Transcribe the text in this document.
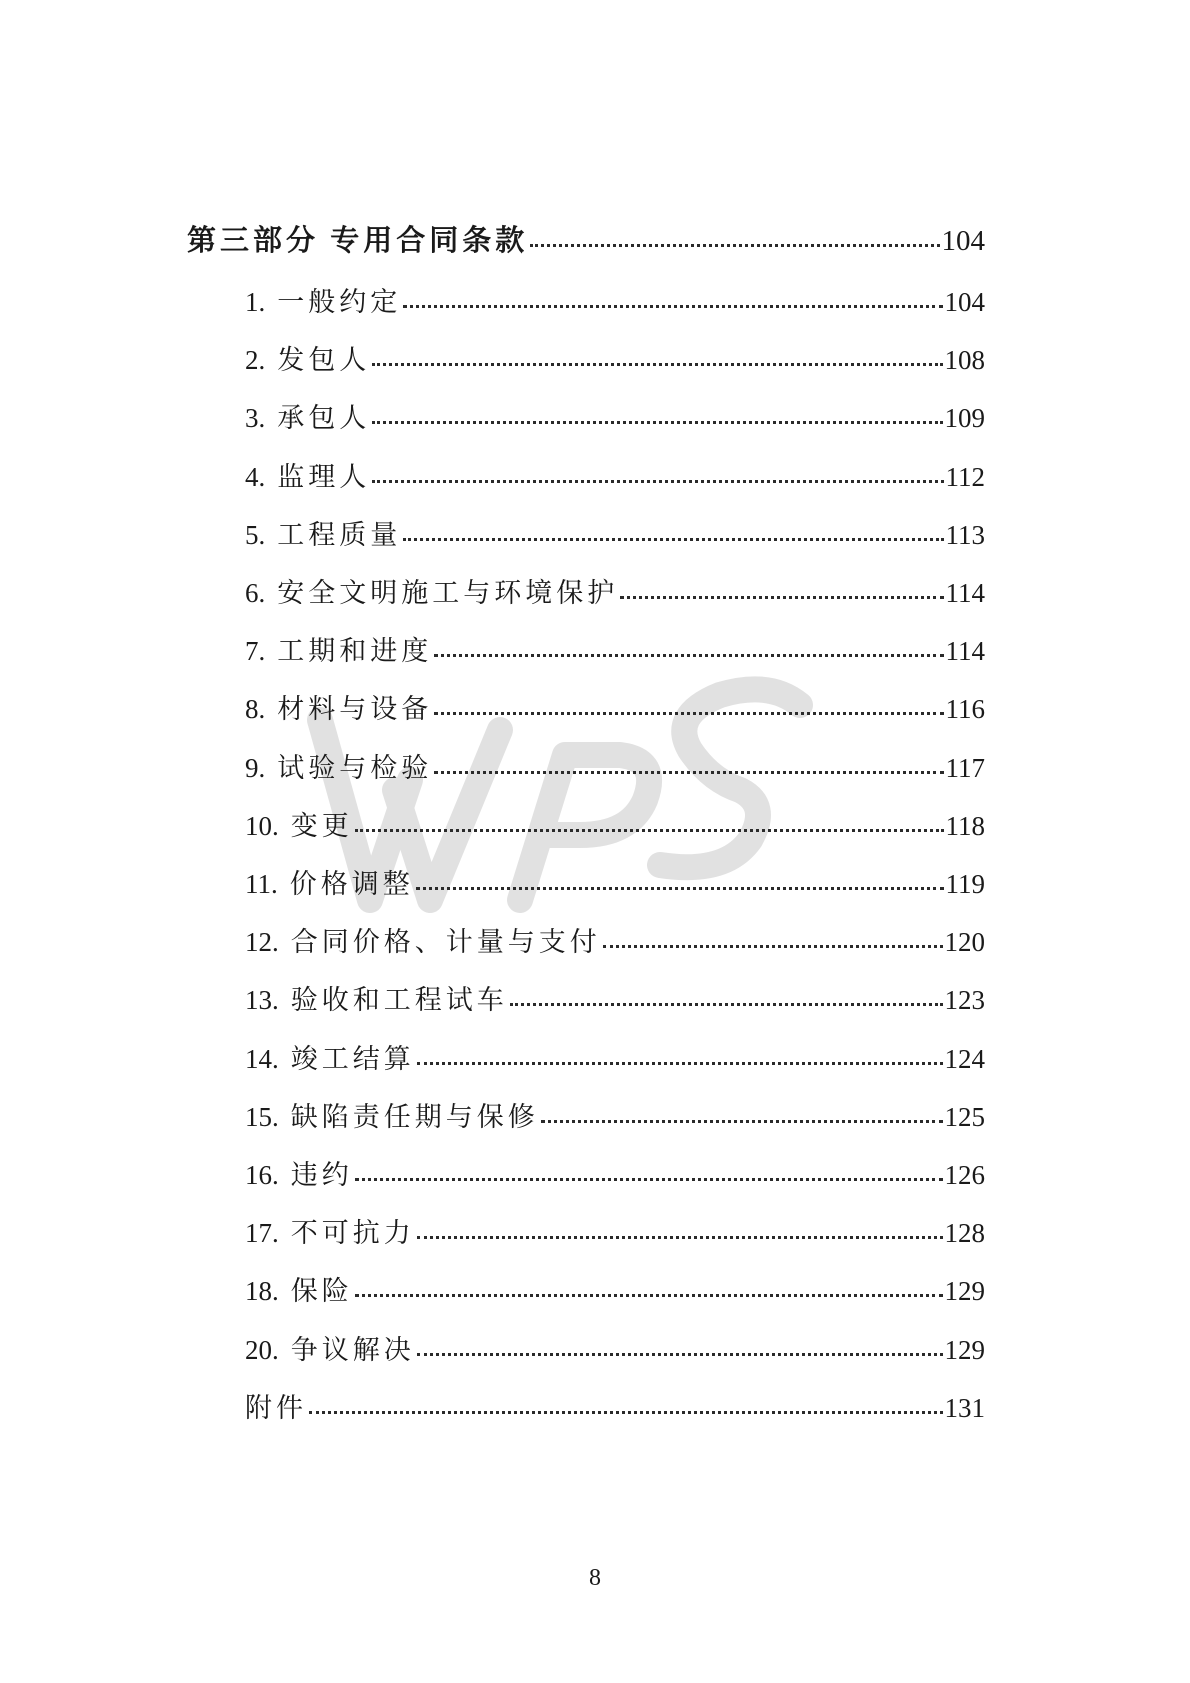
第三部分 专用合同条款	104
1. 一般约定	104
2. 发包人	108
3. 承包人	109
4. 监理人	112
5. 工程质量	113
6. 安全文明施工与环境保护	114
7. 工期和进度	114
8. 材料与设备	116
9. 试验与检验	117
10. 变更	118
11. 价格调整	119
12. 合同价格、计量与支付	120
13. 验收和工程试车	123
14. 竣工结算	124
15. 缺陷责任期与保修	125
16. 违约	126
17. 不可抗力	128
18. 保险	129
20. 争议解决	129
附件	131
8
